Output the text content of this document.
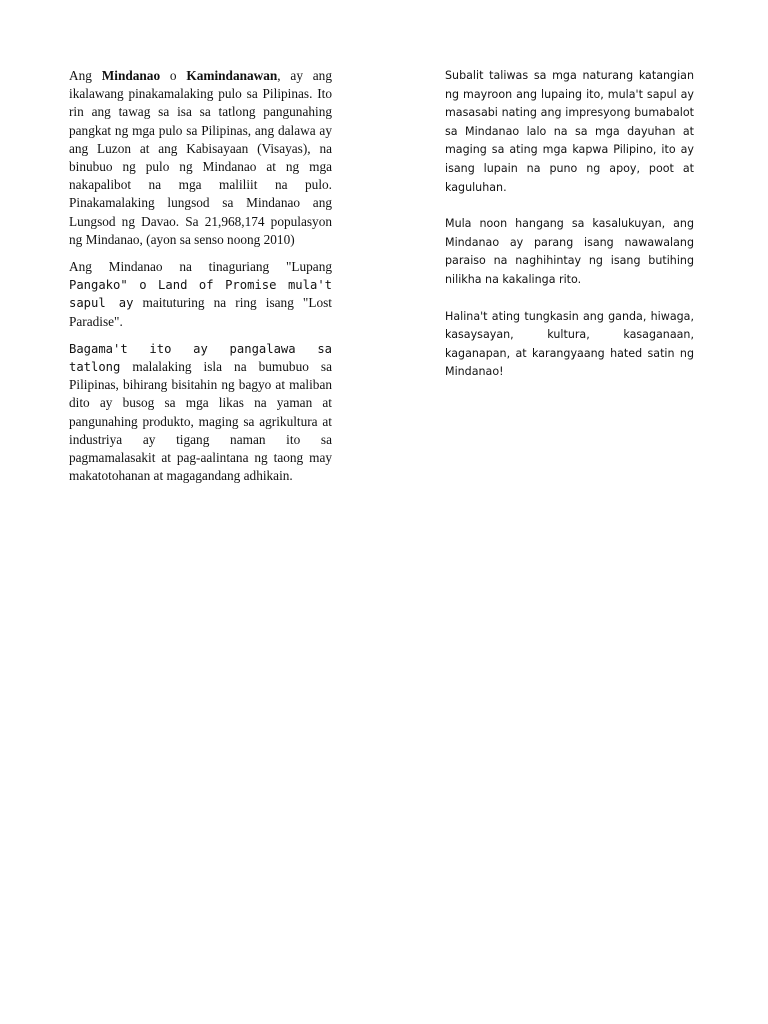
Ang Mindanao o Kamindanawan, ay ang ikalawang pinakamalaking pulo sa Pilipinas. Ito rin ang tawag sa isa sa tatlong pangunahing pangkat ng mga pulo sa Pilipinas, ang dalawa ay ang Luzon at ang Kabisayaan (Visayas), na binubuo ng pulo ng Mindanao at ng mga nakapalibot na mga maliliit na pulo. Pinakamalaking lungsod sa Mindanao ang Lungsod ng Davao. Sa 21,968,174 populasyon ng Mindanao, (ayon sa senso noong 2010)

Ang Mindanao na tinaguriang "Lupang Pangako" o Land of Promise mula't sapul ay maituturing na ring isang "Lost Paradise".

Bagama't ito ay pangalawa sa tatlong malalaking isla na bumubuo sa Pilipinas, bihirang bisitahin ng bagyo at maliban dito ay busog sa mga likas na yaman at pangunahing produkto, maging sa agrikultura at industriya ay tigang naman ito sa pagmamalasakit at pag-aalintana ng taong may makatotohanan at magagandang adhikain.

Subalit taliwas sa mga naturang katangian ng mayroon ang lupaing ito, mula't sapul ay masasabi nating ang impresyong bumabalot sa Mindanao lalo na sa mga dayuhan at maging sa ating mga kapwa Pilipino, ito ay isang lupain na puno ng apoy, poot at kaguluhan.

Mula noon hangang sa kasalukuyan, ang Mindanao ay parang isang nawawalang paraiso na naghihintay ng isang butihing nilikha na kakalinga rito.

Halina't ating tungkasin ang ganda, hiwaga, kasaysayan, kultura, kasaganaan, kaganapan, at karangyaang hated satin ng Mindanao!
